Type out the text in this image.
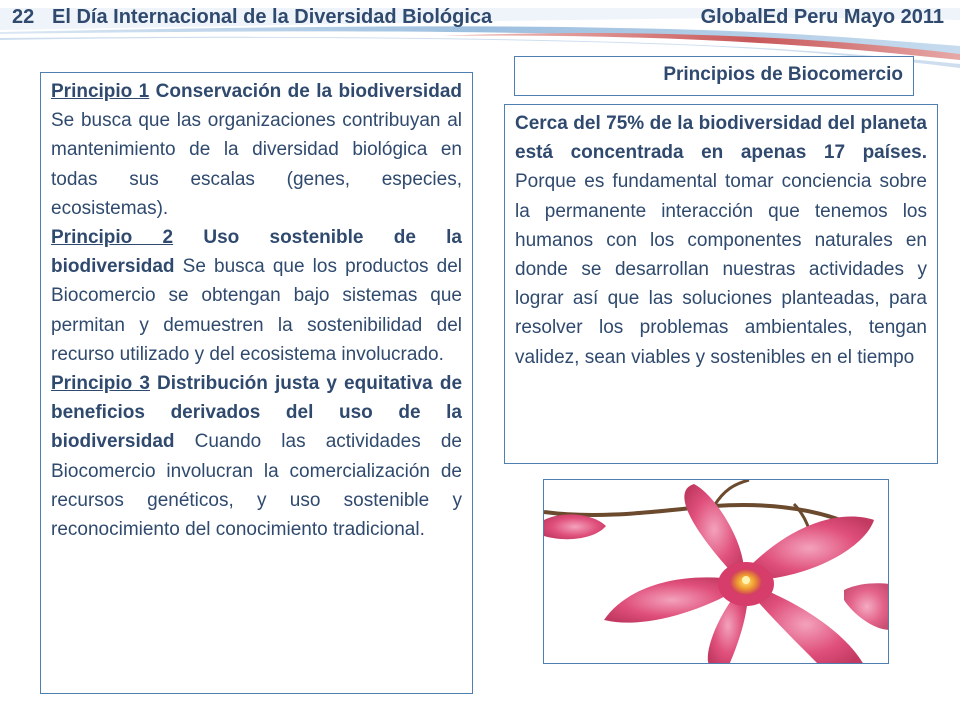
22 El Día Internacional de la Diversidad Biológica	GlobalEd Peru Mayo 2011
Principios de Biocomercio

Principio 1 Conservación de la biodiversidad Se busca que las organizaciones contribuyan al mantenimiento de la diversidad biológica en todas sus escalas (genes, especies, ecosistemas).

Principio 2 Uso sostenible de la biodiversidad Se busca que los productos del Biocomercio se obtengan bajo sistemas que permitan y demuestren la sostenibilidad del recurso utilizado y del ecosistema involucrado.

Principio 3 Distribución justa y equitativa de beneficios derivados del uso de la biodiversidad Cuando las actividades de Biocomercio involucran la comercialización de recursos genéticos, y uso sostenible y reconocimiento del conocimiento tradicional.

Cerca del 75% de la biodiversidad del planeta está concentrada en apenas 17 países. Porque es fundamental tomar conciencia sobre la permanente interacción que tenemos los humanos con los componentes naturales en donde se desarrollan nuestras actividades y lograr así que las soluciones planteadas, para resolver los problemas ambientales, tengan validez, sean viables y sostenibles en el tiempo
